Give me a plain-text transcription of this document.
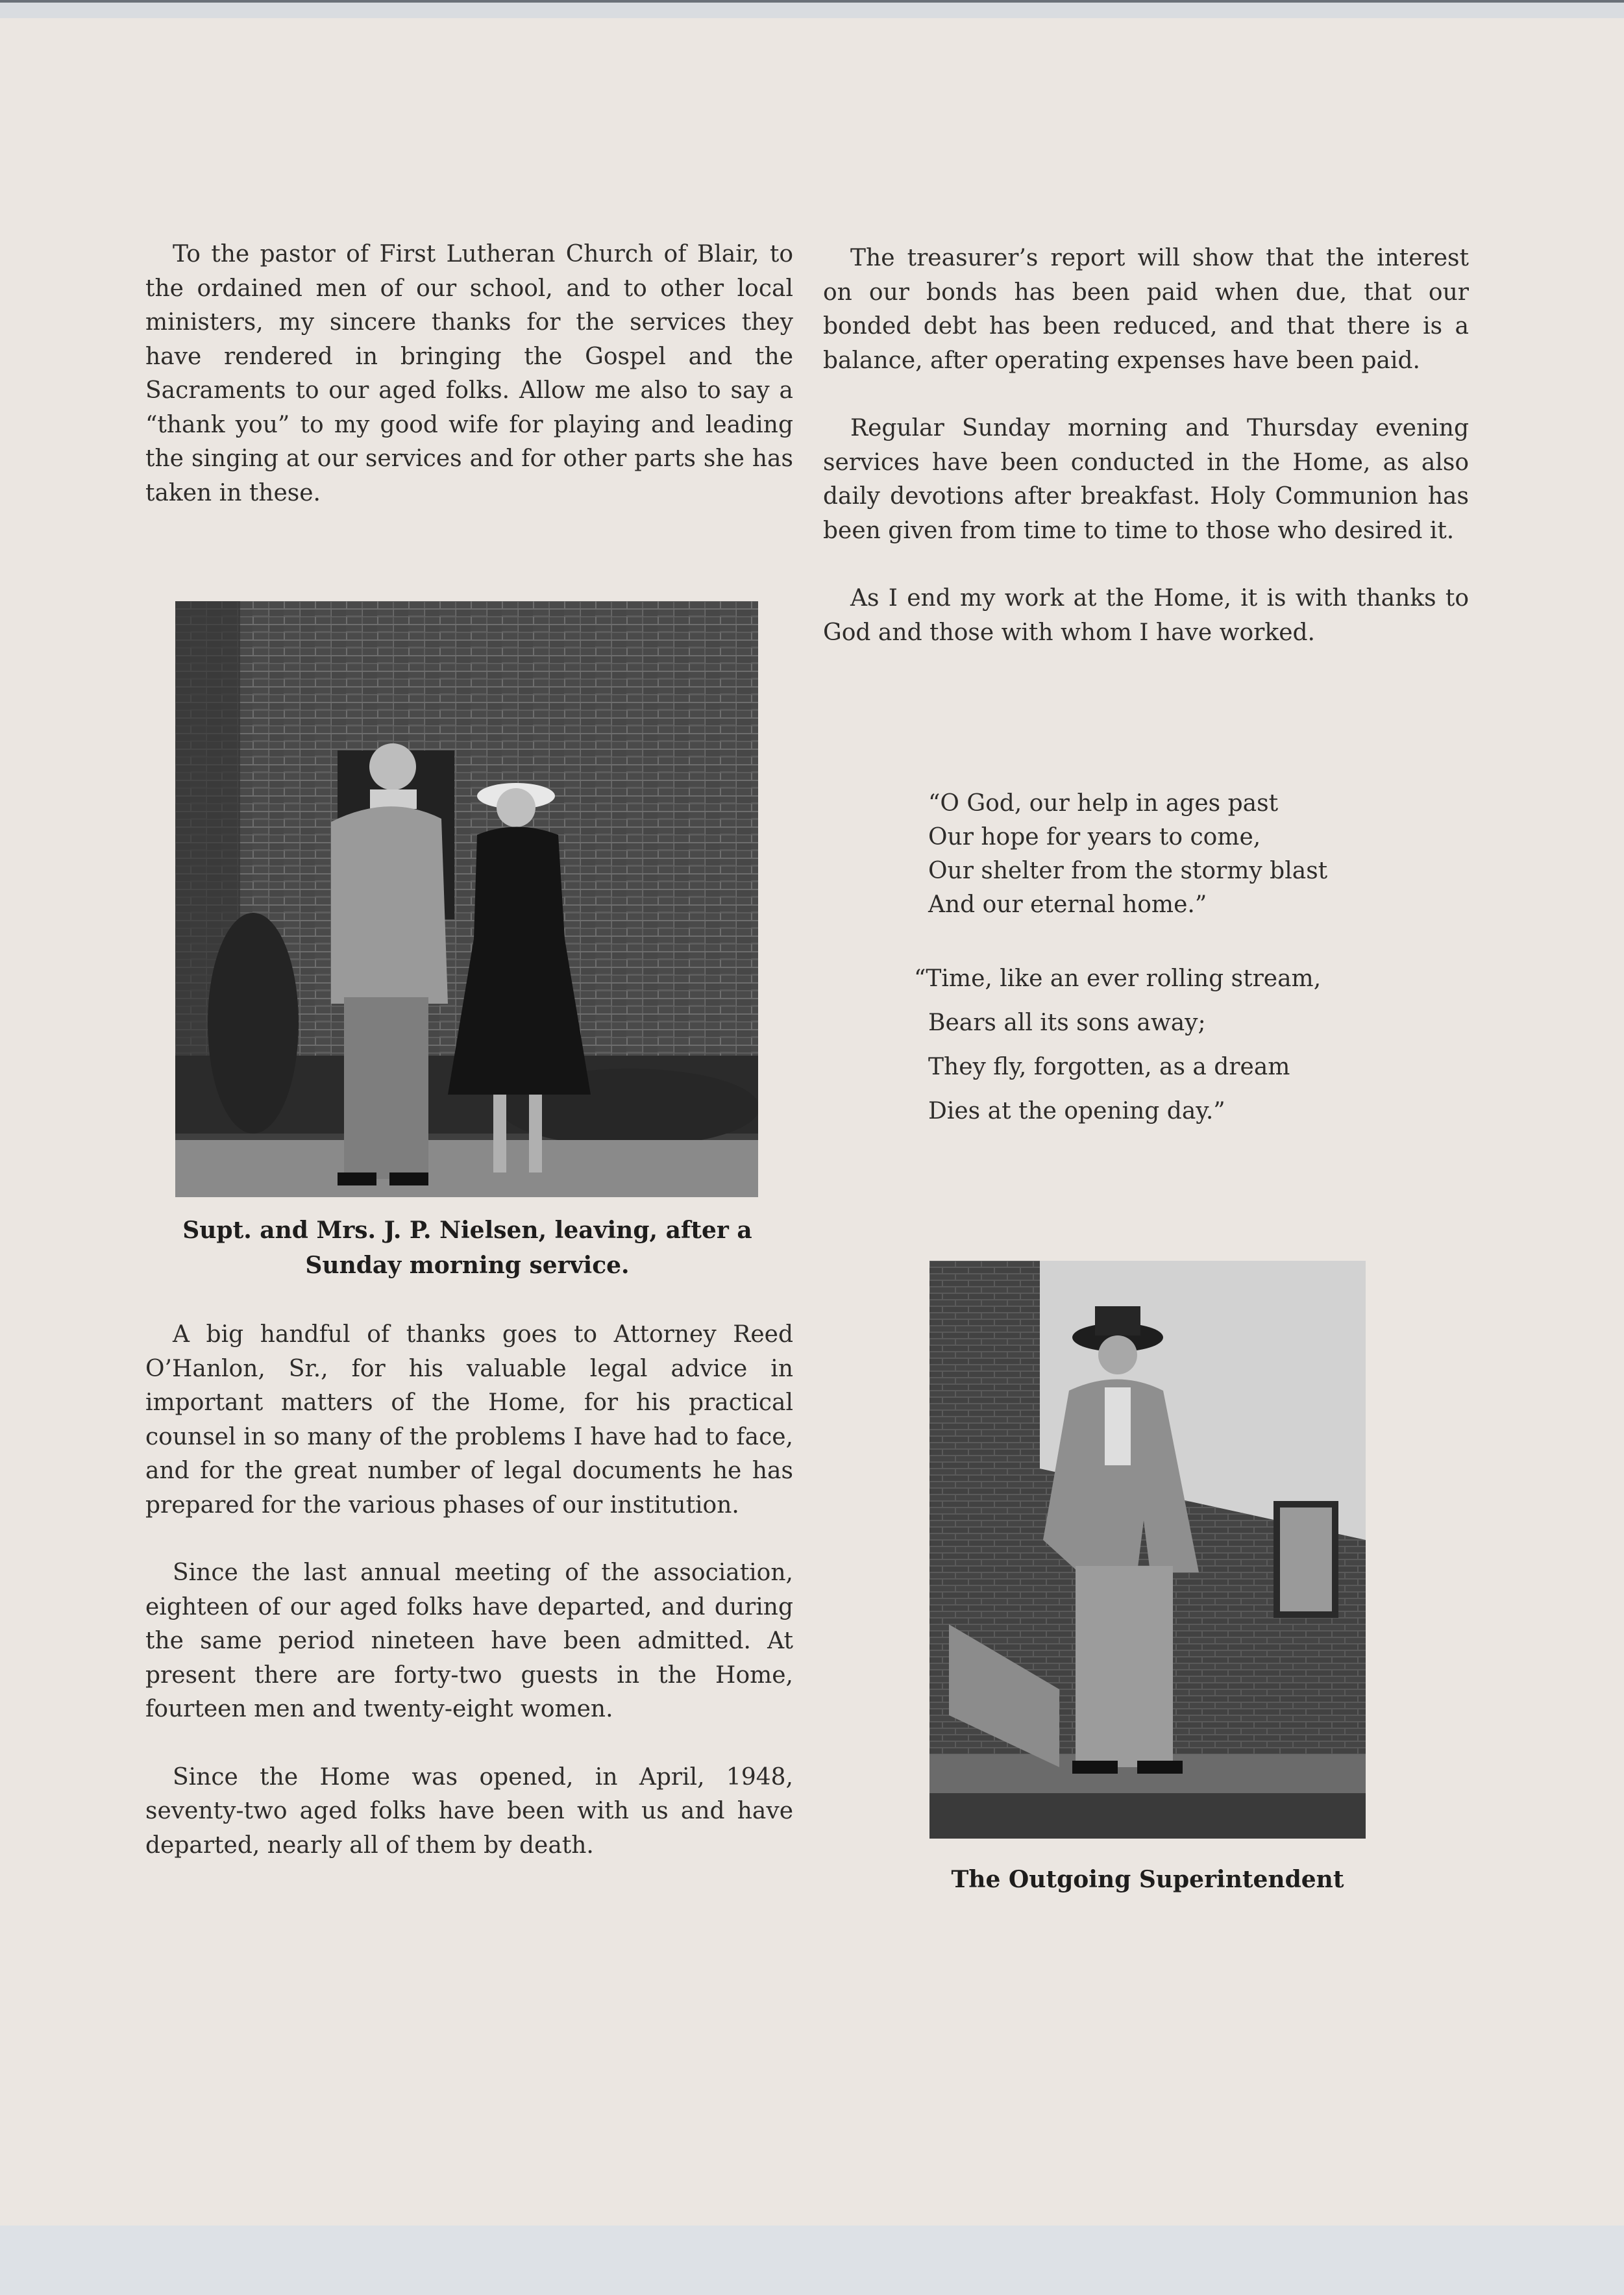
To the pastor of First Lutheran Church of Blair, to the ordained men of our school, and to other local ministers, my sincere thanks for the services they have rendered in bringing the Gospel and the Sacraments to our aged folks. Allow me also to say a “thank you” to my good wife for playing and leading the singing at our services and for other parts she has taken in these.

Supt. and Mrs. J. P. Nielsen, leaving, after a Sunday morning service.

A big handful of thanks goes to Attorney Reed O’Hanlon, Sr., for his valuable legal advice in important matters of the Home, for his practical counsel in so many of the problems I have had to face, and for the great number of legal documents he has prepared for the various phases of our institution.

Since the last annual meeting of the association, eighteen of our aged folks have departed, and during the same period nineteen have been admitted. At present there are forty-two guests in the Home, fourteen men and twenty-eight women.

Since the Home was opened, in April, 1948, seventy-two aged folks have been with us and have departed, nearly all of them by death.

The treasurer’s report will show that the interest on our bonds has been paid when due, that our bonded debt has been reduced, and that there is a balance, after operating expenses have been paid.

Regular Sunday morning and Thursday evening services have been conducted in the Home, as also daily devotions after breakfast. Holy Communion has been given from time to time to those who desired it.

As I end my work at the Home, it is with thanks to God and those with whom I have worked.

“O God, our help in ages past
Our hope for years to come,
Our shelter from the stormy blast
And our eternal home.”
“Time, like an ever rolling stream,
Bears all its sons away;
They fly, forgotten, as a dream
Dies at the opening day.”
The Outgoing Superintendent
